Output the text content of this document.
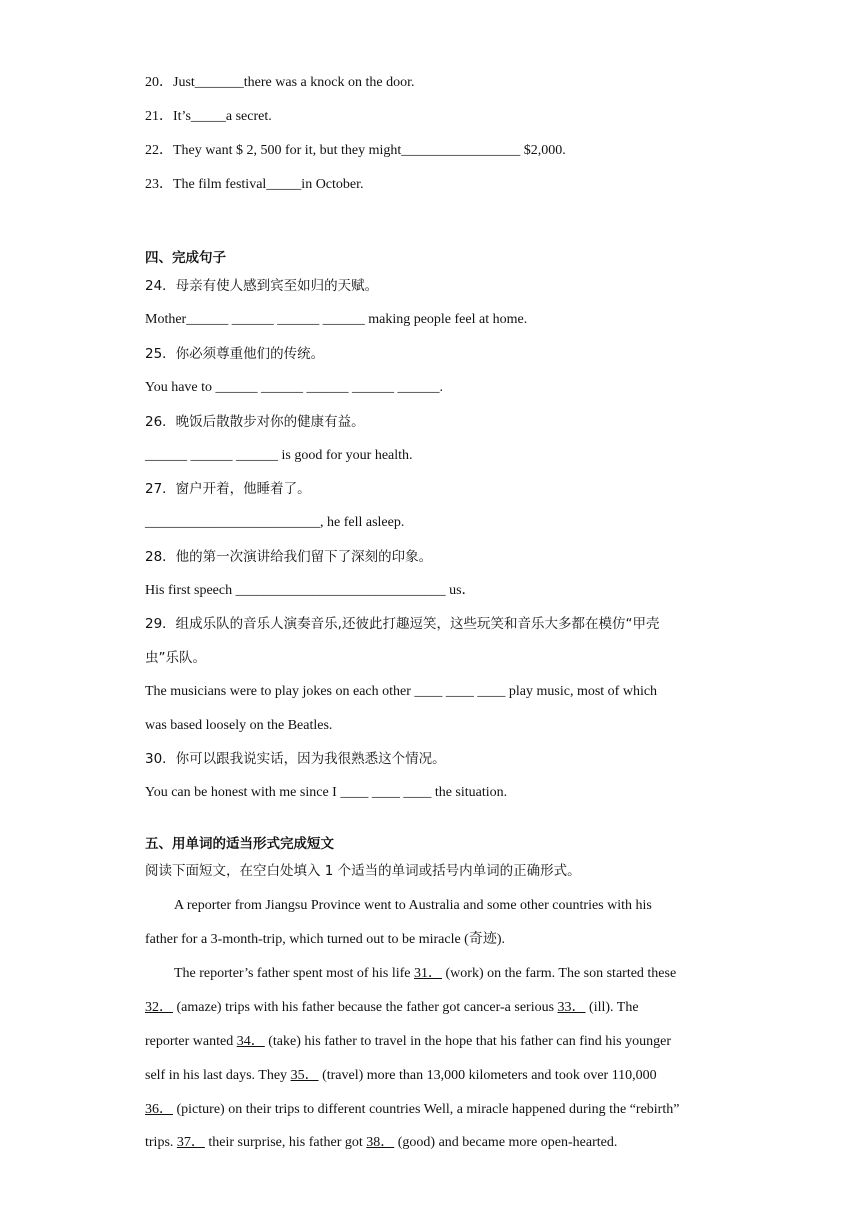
20．Just_______there was a knock on the door.
21．It’s_____a secret.
22．They want $ 2, 500 for it, but they might_________________ $2,000.
23．The film festival_____in October.
四、完成句子
24．母亲有使人感到宾至如归的天赋。
Mother______ ______ ______ ______ making people feel at home.
25．你必须尊重他们的传统。
You have to ______ ______ ______ ______ ______.
26．晚饭后散散步对你的健康有益。
______ ______ ______ is good for your health.
27．窗户开着，他睡着了。
_________________________, he fell asleep.
28．他的第一次演讲给我们留下了深刻的印象。
His first speech ______________________________ us．
29．组成乐队的音乐人演奏音乐,还彼此打趣逗笑，这些玩笑和音乐大多都在模仿“甲壳
虫”乐队。
The musicians were to play jokes on each other ____ ____ ____ play music, most of which
was based loosely on the Beatles.
30．你可以跟我说实话，因为我很熟悉这个情况。
You can be honest with me since I ____ ____ ____ the situation.
五、用单词的适当形式完成短文
阅读下面短文，在空白处填入 1 个适当的单词或括号内单词的正确形式。
A reporter from Jiangsu Province went to Australia and some other countries with his
father for a 3-month-trip, which turned out to be miracle (奇迹).
The reporter’s father spent most of his life 31． (work) on the farm. The son started these
32． (amaze) trips with his father because the father got cancer-a serious 33． (ill). The
reporter wanted 34． (take) his father to travel in the hope that his father can find his younger
self in his last days. They 35． (travel) more than 13,000 kilometers and took over 110,000
36． (picture) on their trips to different countries Well, a miracle happened during the “rebirth”
trips. 37． their surprise, his father got 38． (good) and became more open-hearted.
